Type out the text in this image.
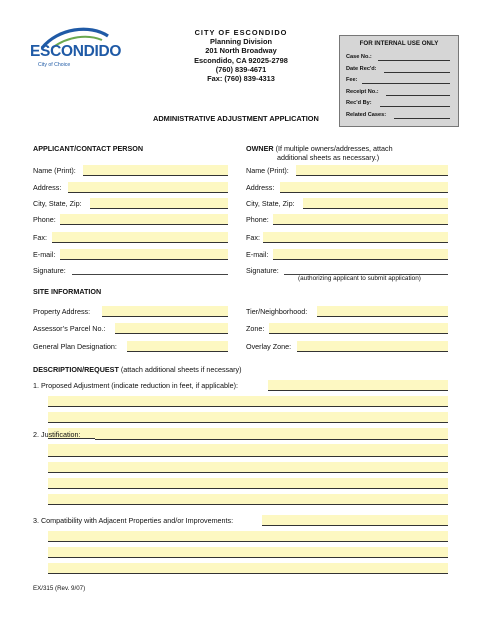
ESCONDIDO
City of Choice
CITY OF ESCONDIDO
Planning Division
201 North Broadway
Escondido, CA 92025-2798
(760) 839-4671
Fax: (760) 839-4313
FOR INTERNAL USE ONLY
Case No.:
Date Rec'd:
Fee:
Receipt No.:
Rec'd By:
Related Cases:
ADMINISTRATIVE ADJUSTMENT APPLICATION
APPLICANT/CONTACT PERSON
Name (Print):
Address:
City, State, Zip:
Phone:
Fax:
E-mail:
Signature:
OWNER (If multiple owners/addresses, attach
additional sheets as necessary.)
Name (Print):
Address:
City, State, Zip:
Phone:
Fax:
E-mail:
Signature:
(authorizing applicant to submit application)
SITE INFORMATION
Property Address:
Assessor’s Parcel No.:
General Plan Designation:
Tier/Neighborhood:
Zone:
Overlay Zone:
DESCRIPTION/REQUEST (attach additional sheets if necessary)
1. Proposed Adjustment (indicate reduction in feet, if applicable):
2. Justification:
3. Compatibility with Adjacent Properties and/or Improvements:
EX/315 (Rev. 9/07)
